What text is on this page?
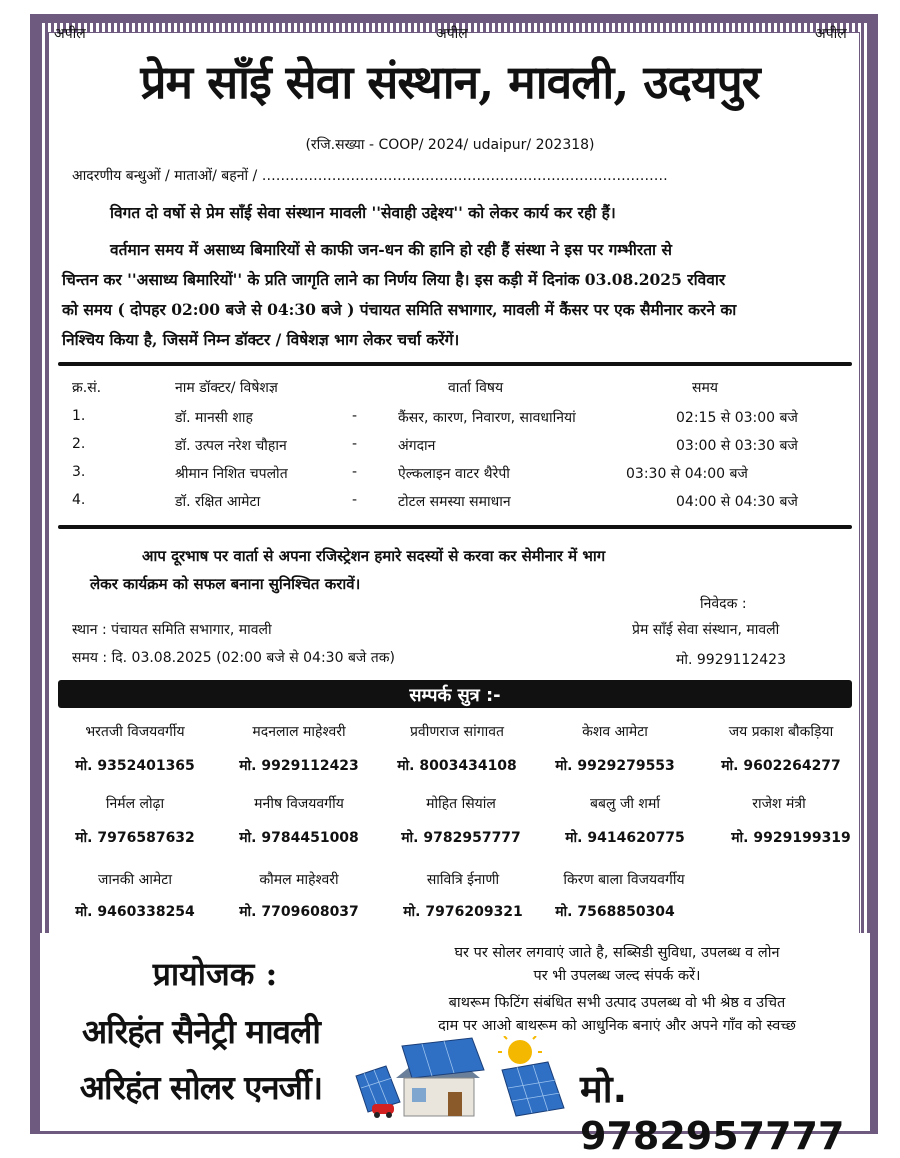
अपील	अपील	अपील
प्रेम साँई सेवा संस्थान, मावली, उदयपुर
(रजि.सख्या - COOP/ 2024/ udaipur/ 202318)
आदरणीय बन्धुओं / माताओं/ बहनों / ……………………………………………………………………………
विगत दो वर्षो से प्रेम साँई सेवा संस्थान मावली ''सेवाही उद्देश्य'' को लेकर कार्य कर रही हैं।
वर्तमान समय में असाध्य बिमारियों से काफी जन-धन की हानि हो रही हैं संस्था ने इस पर गम्भीरता से
चिन्तन कर ''असाध्य बिमारियों'' के प्रति जागृति लाने का निर्णय लिया है। इस कड़ी में दिनांक 03.08.2025 रविवार
को समय ( दोपहर 02:00 बजे से 04:30 बजे ) पंचायत समिति सभागार, मावली में कैंसर पर एक सैमीनार करने का
निश्चिय किया है, जिसमें निम्न डॉक्टर / विषेशज्ञ भाग लेकर चर्चा करेंगें।
क्र.सं.	नाम डॉक्टर/ विषेशज्ञ	वार्ता विषय	समय
1.	डॉ. मानसी शाह	-	कैंसर, कारण, निवारण, सावधानियां	02:15 से 03:00 बजे
2.	डॉ. उत्पल नरेश चौहान	-	अंगदान	03:00 से 03:30 बजे
3.	श्रीमान निशित चपलोत	-	ऐल्कलाइन वाटर थैरेपी	03:30 से 04:00 बजे
4.	डॉ. रक्षित आमेटा	-	टोटल समस्या समाधान	04:00 से 04:30 बजे
आप दूरभाष पर वार्ता से अपना रजिस्ट्रेशन हमारे सदस्यों से करवा कर सेमीनार में भाग
लेकर कार्यक्रम को सफल बनाना सुनिश्चित करावें।
निवेदक :
स्थान : पंचायत समिति सभागार, मावली	प्रेम साँई सेवा संस्थान, मावली
समय : दि. 03.08.2025 (02:00 बजे से 04:30 बजे तक)	मो. 9929112423
सम्पर्क सुत्र :-
भरतजी विजयवर्गीय
मो. 9352401365
मदनलाल माहेश्वरी
मो. 9929112423
प्रवीणराज सांगावत
मो. 8003434108
केशव आमेटा
मो. 9929279553
जय प्रकाश बौकड़िया
मो. 9602264277
निर्मल लोढ़ा
मो. 7976587632
मनीष विजयवर्गीय
मो. 9784451008
मोहित सियांल
मो. 9782957777
बबलु जी शर्मा
मो. 9414620775
राजेश मंत्री
मो. 9929199319
जानकी आमेटा
मो. 9460338254
कौमल माहेश्वरी
मो. 7709608037
सावित्रि ईनाणी
मो. 7976209321
किरण बाला विजयवर्गीय
मो. 7568850304
प्रायोजक :
अरिहंत सैनेट्री मावली
अरिहंत सोलर एनर्जी।
घर पर सोलर लगवाएं जाते है, सब्सिडी सुविधा, उपलब्ध व लोन
पर भी उपलब्ध जल्द संपर्क करें।
बाथरूम फिटिंग संबंधित सभी उत्पाद उपलब्ध वो भी श्रेष्ठ व उचित
दाम पर आओ बाथरूम को आधुनिक बनाएं और अपने गाँव को स्वच्छ
मो. 9782957777
